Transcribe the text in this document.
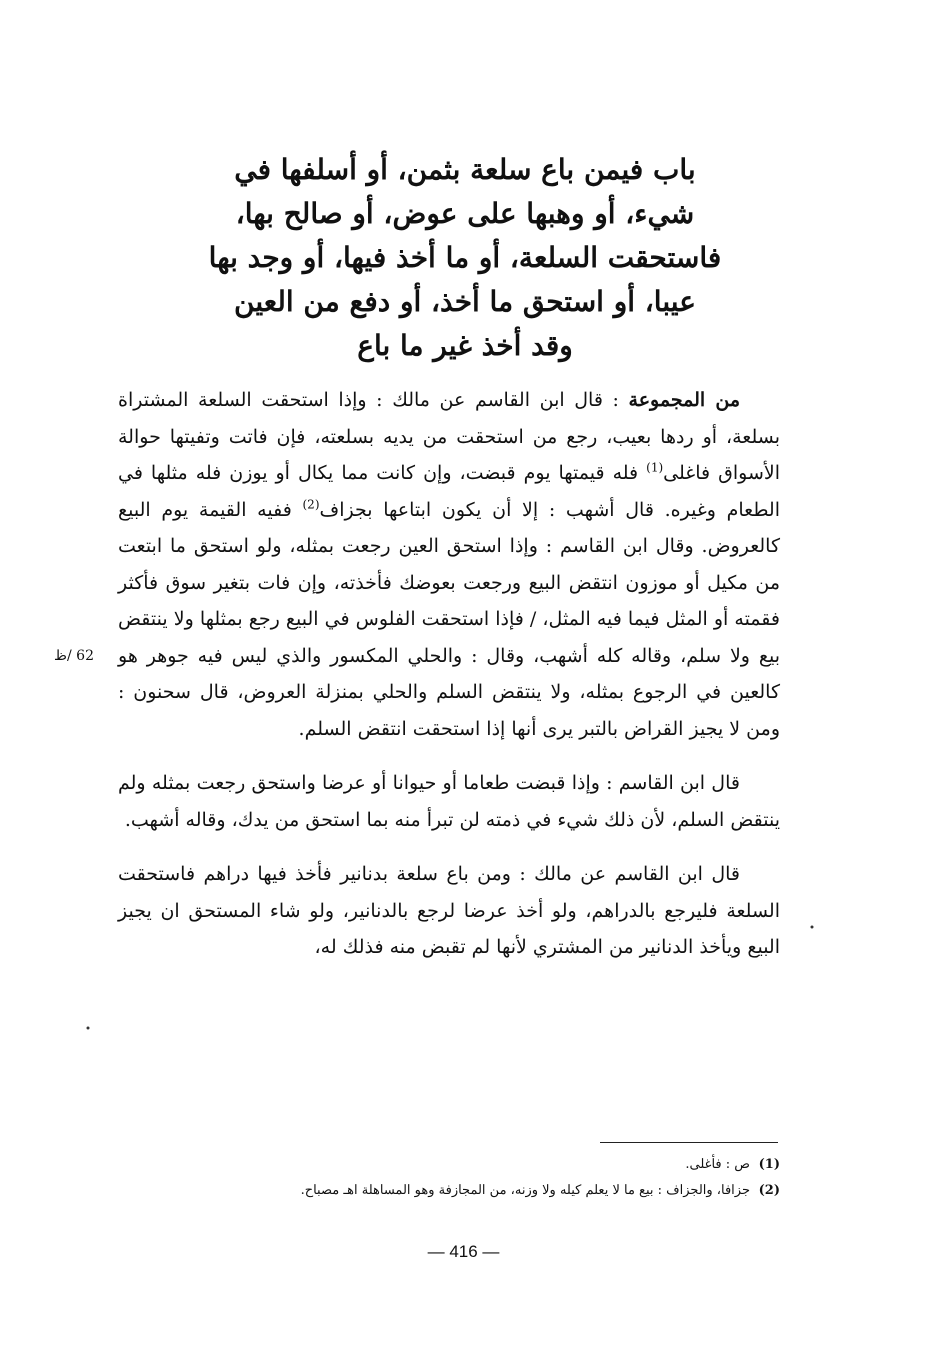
باب فيمن باع سلعة بثمن، أو أسلفها في
شيء، أو وهبها على عوض، أو صالح بها،
فاستحقت السلعة، أو ما أخذ فيها، أو وجد بها
عيبا، أو استحق ما أخذ، أو دفع من العين
وقد أخذ غير ما باع

من المجموعة : قال ابن القاسم عن مالك : وإذا استحقت السلعة المشتراة بسلعة، أو ردها بعيب، رجع من استحقت من يديه بسلعته، فإن فاتت وتفيتها حوالة الأسواق فاغلى$^{(1)}$ فله قيمتها يوم قبضت، وإن كانت مما يكال أو يوزن فله مثلها في الطعام وغيره. قال أشهب : إلا أن يكون ابتاعها بجزاف$^{(2)}$ ففيه القيمة يوم البيع كالعروض. وقال ابن القاسم : وإذا استحق العين رجعت بمثله، ولو استحق ما ابتعت من مكيل أو موزون انتقض البيع ورجعت بعوضك فأخذته، وإن فات بتغير سوق فأكثر فقمته أو المثل فيما فيه المثل، / فإذا استحقت الفلوس في البيع رجع بمثلها ولا ينتقض بيع ولا سلم، وقاله كله أشهب، وقال : والحلي المكسور والذي ليس فيه جوهر هو كالعين في الرجوع بمثله، ولا ينتقض السلم والحلي بمنزلة العروض، قال سحنون : ومن لا يجيز القراض بالتبر يرى أنها إذا استحقت انتقض السلم.

قال ابن القاسم : وإذا قبضت طعاما أو حيوانا أو عرضا واستحق رجعت بمثله ولم ينتقض السلم، لأن ذلك شيء في ذمته لن تبرأ منه بما استحق من يدك، وقاله أشهب.

قال ابن القاسم عن مالك : ومن باع سلعة بدنانير فأخذ فيها دراهم فاستحقت السلعة فليرجع بالدراهم، ولو أخذ عرضا لرجع بالدنانير، ولو شاء المستحق ان يجيز البيع ويأخذ الدنانير من المشتري لأنها لم تقبض منه فذلك له،

62 /ظ
(1)ص : فأغلى.
(2)جزافا، والجزاف : بيع ما لا يعلم كيله ولا وزنه، من المجازفة وهو المساهلة اهـ مصباح.
— 416 —
